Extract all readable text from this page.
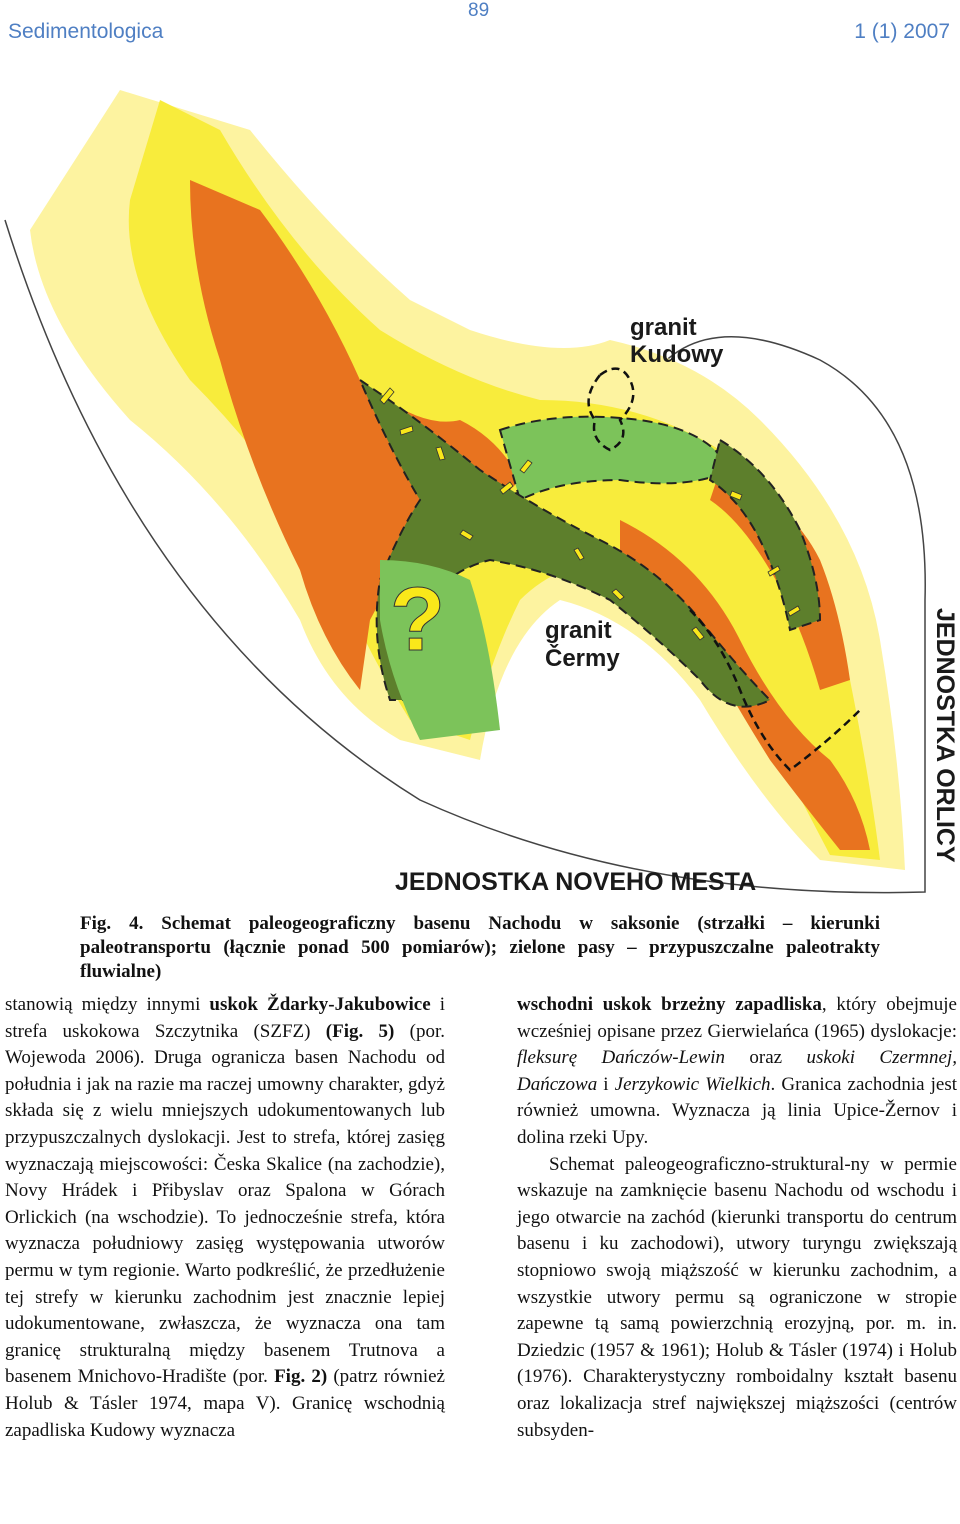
Sedimentologica
89
1 (1) 2007
?
granit
Kudowy
granit
Čermy
JEDNOSTKA NOVEHO MESTA
JEDNOSTKA ORLICY
Fig. 4. Schemat paleogeograficzny basenu Nachodu w saksonie (strzałki – kierunki paleotransportu (łącznie ponad 500 pomiarów); zielone pasy – przypuszczalne paleotrakty fluwialne)

stanowią między innymi uskok Ždarky-Jakubowice i strefa uskokowa Szczytnika (SZFZ) (Fig. 5) (por. Wojewoda 2006). Druga ogranicza basen Nachodu od południa i jak na razie ma raczej umowny charakter, gdyż składa się z wielu mniejszych udokumentowanych lub przypuszczalnych dyslokacji. Jest to strefa, której zasięg wyznaczają miejscowości: Česka Skalice (na zachodzie), Novy Hrádek i Přibyslav oraz Spalona w Górach Orlickich (na wschodzie). To jednocześnie strefa, która wyznacza południowy zasięg występowania utworów permu w tym regionie. Warto podkreślić, że przedłużenie tej strefy w kierunku zachodnim jest znacznie lepiej udokumentowane, zwłaszcza, że wyznacza ona tam granicę strukturalną między basenem Trutnova a basenem Mnichovo-Hradište (por. Fig. 2) (patrz również Holub & Tásler 1974, mapa V). Granicę wschodnią zapadliska Kudowy wyznacza

wschodni uskok brzeżny zapadliska, który obejmuje wcześniej opisane przez Gierwielańca (1965) dyslokacje: fleksurę Dańczów-Lewin oraz uskoki Czermnej, Dańczowa i Jerzykowic Wielkich. Granica zachodnia jest również umowna. Wyznacza ją linia Upice-Žernov i dolina rzeki Upy.

Schemat paleogeograficzno-struktural-ny w permie wskazuje na zamknięcie basenu Nachodu od wschodu i jego otwarcie na zachód (kierunki transportu do centrum basenu i ku zachodowi), utwory turyngu zwiększają stopniowo swoją miąższość w kierunku zachodnim, a wszystkie utwory permu są ograniczone w stropie zapewne tą samą powierzchnią erozyjną, por. m. in. Dziedzic (1957 & 1961); Holub & Tásler (1974) i Holub (1976). Charakterystyczny romboidalny kształt basenu oraz lokalizacja stref największej miąższości (centrów subsyden-
